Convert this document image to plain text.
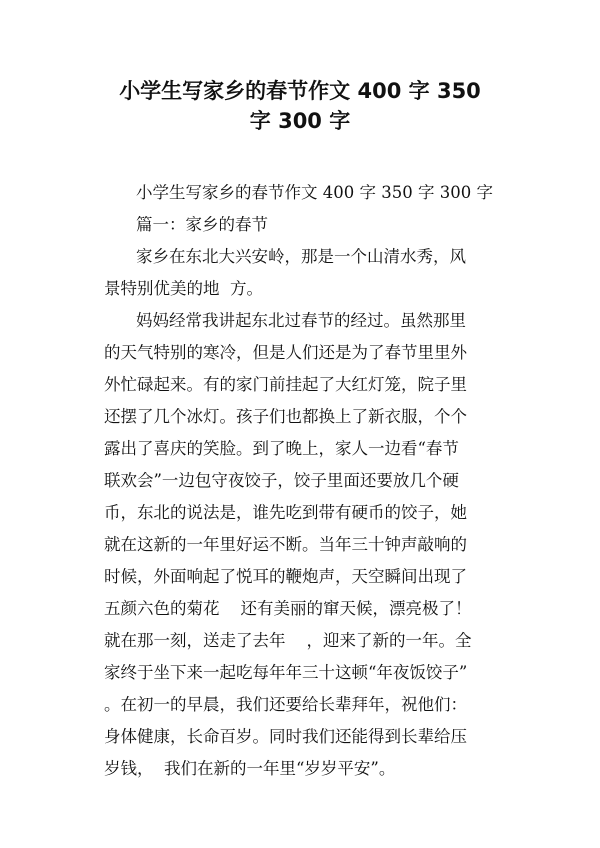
小学生写家乡的春节作文 400 字 350
字 300 字
小学生写家乡的春节作文 400 字 350 字 300 字
篇一：家乡的春节
家乡在东北大兴安岭，那是一个山清水秀，风
景特别优美的地  方。
妈妈经常我讲起东北过春节的经过。虽然那里
的天气特别的寒冷，但是人们还是为了春节里里外
外忙碌起来。有的家门前挂起了大红灯笼，院子里
还摆了几个冰灯。孩子们也都换上了新衣服，个个
露出了喜庆的笑脸。到了晚上，家人一边看“春节
联欢会”一边包守夜饺子，饺子里面还要放几个硬
币，东北的说法是，谁先吃到带有硬币的饺子，她
就在这新的一年里好运不断。当年三十钟声敲响的
时候，外面响起了悦耳的鞭炮声，天空瞬间出现了
五颜六色的菊花    还有美丽的窜天候，漂亮极了！
就在那一刻，送走了去年    ，迎来了新的一年。全
家终于坐下来一起吃每年年三十这顿“年夜饭饺子”
。在初一的早晨，我们还要给长辈拜年，祝他们：
身体健康，长命百岁。同时我们还能得到长辈给压
岁钱，  我们在新的一年里“岁岁平安”。
